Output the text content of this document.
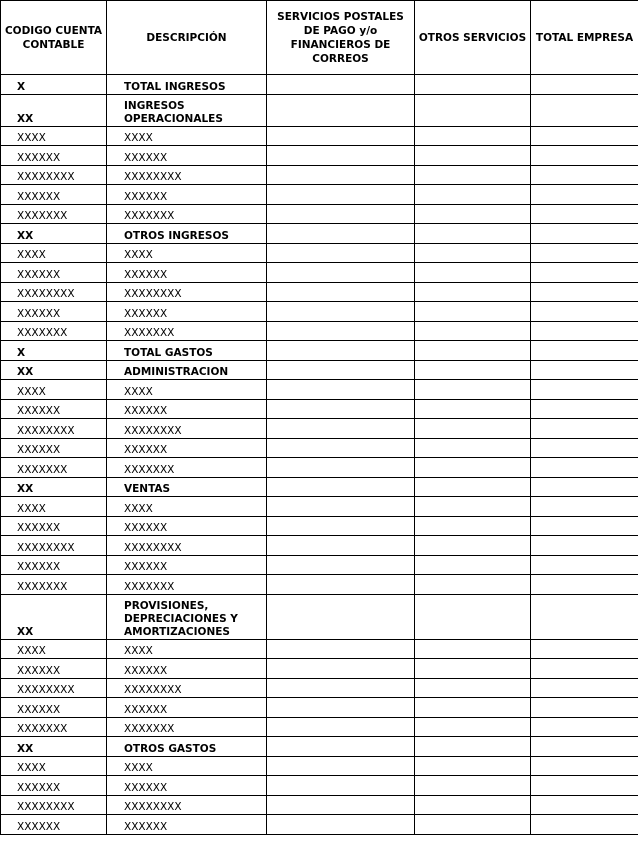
CODIGO CUENTA CONTABLE	DESCRIPCIÓN	SERVICIOS POSTALES DE PAGO y/o FINANCIEROS DE CORREOS	OTROS SERVICIOS	TOTAL EMPRESA
X	TOTAL INGRESOS			
XX	INGRESOS OPERACIONALES			
XXXX	XXXX			
XXXXXX	XXXXXX			
XXXXXXXX	XXXXXXXX			
XXXXXX	XXXXXX			
XXXXXXX	XXXXXXX			
XX	OTROS INGRESOS			
XXXX	XXXX			
XXXXXX	XXXXXX			
XXXXXXXX	XXXXXXXX			
XXXXXX	XXXXXX			
XXXXXXX	XXXXXXX			
X	TOTAL GASTOS			
XX	ADMINISTRACION			
XXXX	XXXX			
XXXXXX	XXXXXX			
XXXXXXXX	XXXXXXXX			
XXXXXX	XXXXXX			
XXXXXXX	XXXXXXX			
XX	VENTAS			
XXXX	XXXX			
XXXXXX	XXXXXX			
XXXXXXXX	XXXXXXXX			
XXXXXX	XXXXXX			
XXXXXXX	XXXXXXX			
XX	PROVISIONES, DEPRECIACIONES Y AMORTIZACIONES			
XXXX	XXXX			
XXXXXX	XXXXXX			
XXXXXXXX	XXXXXXXX			
XXXXXX	XXXXXX			
XXXXXXX	XXXXXXX			
XX	OTROS GASTOS			
XXXX	XXXX			
XXXXXX	XXXXXX			
XXXXXXXX	XXXXXXXX			
XXXXXX	XXXXXX			
